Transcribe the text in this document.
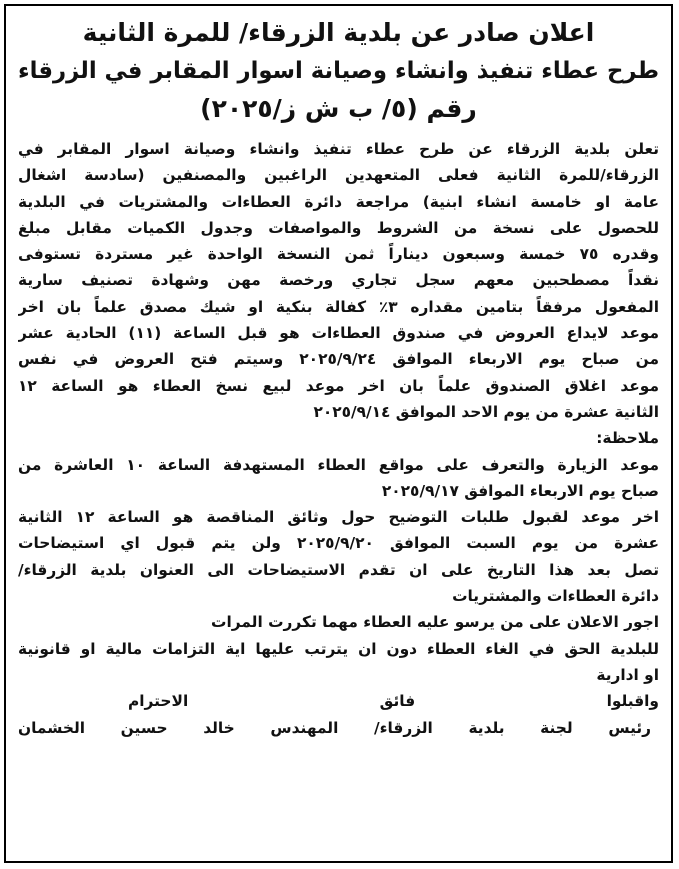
اعلان صادر عن بلدية الزرقاء/ للمرة الثانية
طرح عطاء تنفيذ وانشاء وصيانة اسوار المقابر في الزرقاء
رقم (٥/ ب ش ز/٢٠٢٥)
تعلن بلدية الزرقاء عن طرح عطاء تنفيذ وانشاء وصيانة اسوار المقابر في
الزرقاء/للمرة الثانية فعلى المتعهدين الراغبين والمصنفين (سادسة اشغال
عامة او خامسة انشاء ابنية) مراجعة دائرة العطاءات والمشتريات في البلدية
للحصول على نسخة من الشروط والمواصفات وجدول الكميات مقابل مبلغ
وقدره ٧٥ خمسة وسبعون ديناراً ثمن النسخة الواحدة غير مستردة تستوفى
نقداً مصطحبين معهم سجل تجاري ورخصة مهن وشهادة تصنيف سارية
المفعول مرفقاً بتامين مقداره ٣٪ كفالة بنكية او شيك مصدق علماً بان اخر
موعد لايداع العروض في صندوق العطاءات هو قبل الساعة (١١) الحادية عشر
من صباح يوم الاربعاء الموافق ٢٠٢٥/٩/٢٤ وسيتم فتح العروض في نفس
موعد اغلاق الصندوق علماً بان اخر موعد لبيع نسخ العطاء هو الساعة ١٢
الثانية عشرة من يوم الاحد الموافق ٢٠٢٥/٩/١٤
ملاحظة:
موعد الزيارة والتعرف على مواقع العطاء المستهدفة الساعة ١٠ العاشرة من
صباح يوم الاربعاء الموافق ٢٠٢٥/٩/١٧
اخر موعد لقبول طلبات التوضيح حول وثائق المناقصة هو الساعة ١٢ الثانية
عشرة من يوم السبت الموافق ٢٠٢٥/٩/٢٠ ولن يتم قبول اي استيضاحات
تصل بعد هذا التاريخ على ان تقدم الاستيضاحات الى العنوان بلدية الزرقاء/
دائرة العطاءات والمشتريات
اجور الاعلان على من يرسو عليه العطاء مهما تكررت المرات
للبلدية الحق في الغاء العطاء دون ان يترتب عليها اية التزامات مالية او قانونية
او ادارية
واقبلوا فائق الاحترام
رئيس لجنة بلدية الزرقاء/ المهندس خالد حسين الخشمان
